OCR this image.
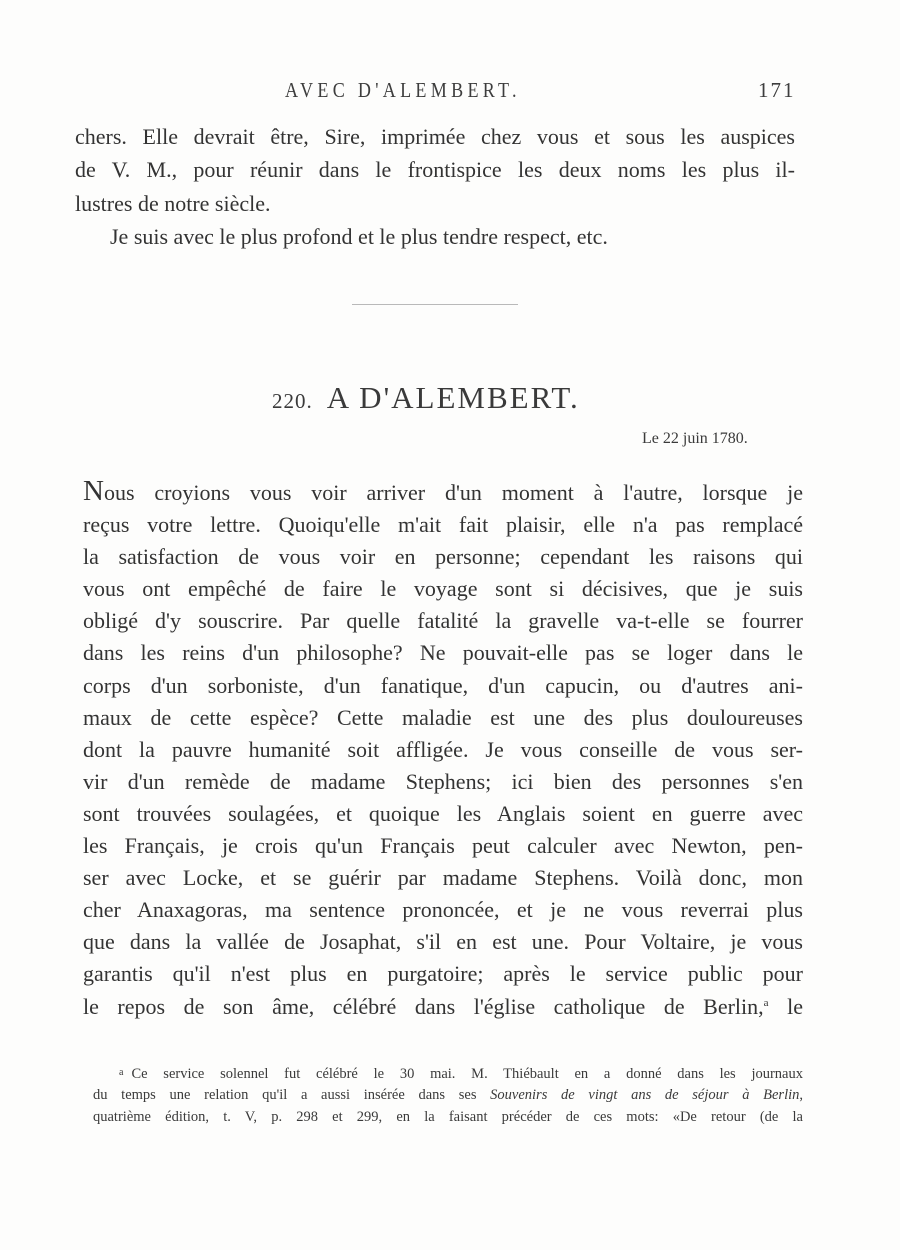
AVEC D'ALEMBERT.	171
chers. Elle devrait être, Sire, imprimée chez vous et sous les auspices
de V. M., pour réunir dans le frontispice les deux noms les plus il-
lustres de notre siècle.
Je suis avec le plus profond et le plus tendre respect, etc.
220. A D'ALEMBERT.
Le 22 juin 1780.
Nous croyions vous voir arriver d'un moment à l'autre, lorsque je
reçus votre lettre. Quoiqu'elle m'ait fait plaisir, elle n'a pas remplacé
la satisfaction de vous voir en personne; cependant les raisons qui
vous ont empêché de faire le voyage sont si décisives, que je suis
obligé d'y souscrire. Par quelle fatalité la gravelle va-t-elle se fourrer
dans les reins d'un philosophe? Ne pouvait-elle pas se loger dans le
corps d'un sorboniste, d'un fanatique, d'un capucin, ou d'autres ani-
maux de cette espèce? Cette maladie est une des plus douloureuses
dont la pauvre humanité soit affligée. Je vous conseille de vous ser-
vir d'un remède de madame Stephens; ici bien des personnes s'en
sont trouvées soulagées, et quoique les Anglais soient en guerre avec
les Français, je crois qu'un Français peut calculer avec Newton, pen-
ser avec Locke, et se guérir par madame Stephens. Voilà donc, mon
cher Anaxagoras, ma sentence prononcée, et je ne vous reverrai plus
que dans la vallée de Josaphat, s'il en est une. Pour Voltaire, je vous
garantis qu'il n'est plus en purgatoire; après le service public pour
le repos de son âme, célébré dans l'église catholique de Berlin,$^a$ le
$^a$ Ce service solennel fut célébré le 30 mai. M. Thiébault en a donné dans les journaux
du temps une relation qu'il a aussi insérée dans ses Souvenirs de vingt ans de séjour à Berlin,
quatrième édition, t. V, p. 298 et 299, en la faisant précéder de ces mots: «De retour (de la
